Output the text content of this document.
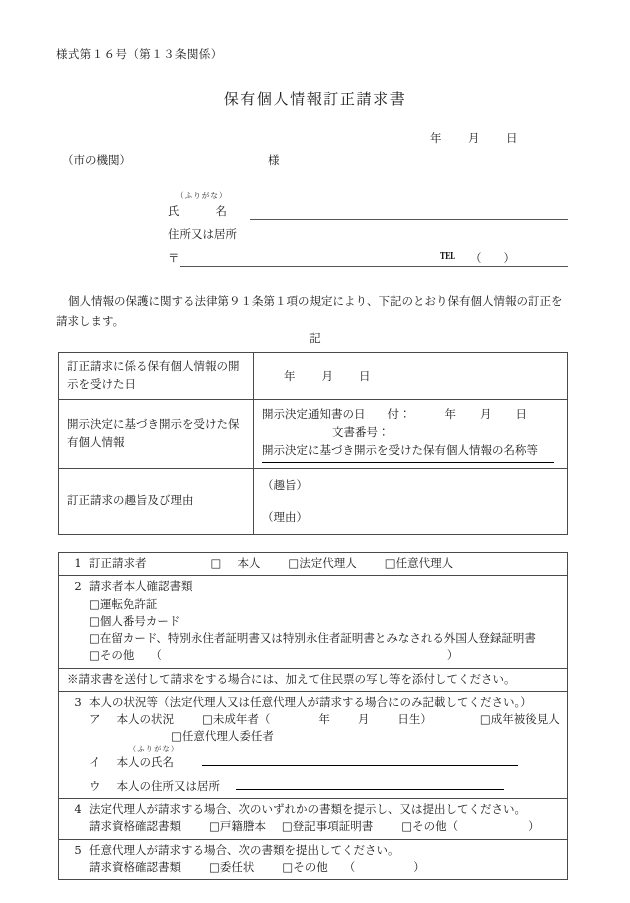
様式第１６号（第１３条関係）
保有個人情報訂正請求書
年 月 日
（市の機関）	様
（ふりがな）
氏	名
住所又は居所
〒	TEL （）
個人情報の保護に関する法律第９１条第１項の規定により、下記のとおり保有個人情報の訂正を請求します。
記
訂正請求に係る保有個人情報の開示を受けた日	年 月 日

開示決定に基づき開示を受けた保有個人情報	開示決定通知書の日 付： 年 月 日
文書番号：
開示決定に基づき開示を受けた保有個人情報の名称等

訂正請求の趣旨及び理由	（趣旨）
（理由）
1 訂正請求者	□ 本人 □法定代理人 □任意代理人

2 請求者本人確認書類
□運転免許証
□個人番号カード
□在留カード、特別永住者証明書又は特別永住者証明書とみなされる外国人登録証明書
□その他 （	）

※請求書を送付して請求をする場合には、加えて住民票の写し等を添付してください。

3 本人の状況等（法定代理人又は任意代理人が請求する場合にのみ記載してください。）
ア 本人の状況 □未成年者（	年 月 日生）	□成年被後見人
□任意代理人委任者
（ふりがな）
イ 本人の氏名
ウ 本人の住所又は居所

4 法定代理人が請求する場合、次のいずれかの書類を提示し、又は提出してください。
請求資格確認書類 □戸籍謄本 □登記事項証明書 □その他（	）

5 任意代理人が請求する場合、次の書類を提出してください。
請求資格確認書類 □委任状 □その他 （	）
